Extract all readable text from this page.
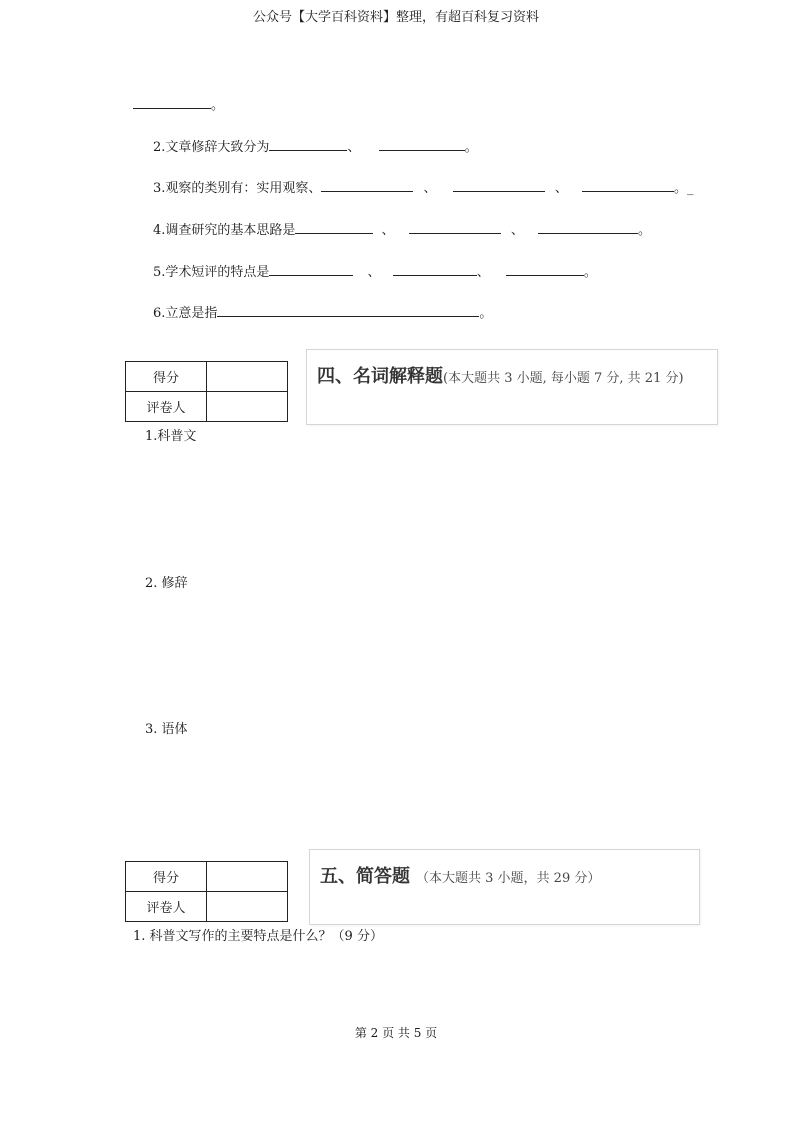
公众号【大学百科资料】整理，有超百科复习资料
。
2.文章修辞大致分为	、	。
3.观察的类别有：实用观察、	、	、	。_
4.调查研究的基本思路是	、	、	。
5.学术短评的特点是	、	、	。
6.立意是指	。
得分	
评卷人	
四、名词解释题(本大题共 3 小题, 每小题 7 分, 共 21 分)
1.科普文
2. 修辞
3. 语体
得分	
评卷人	
五、简答题 （本大题共 3 小题，共 29 分）
1. 科普文写作的主要特点是什么？（9 分）
第 2 页 共 5 页
